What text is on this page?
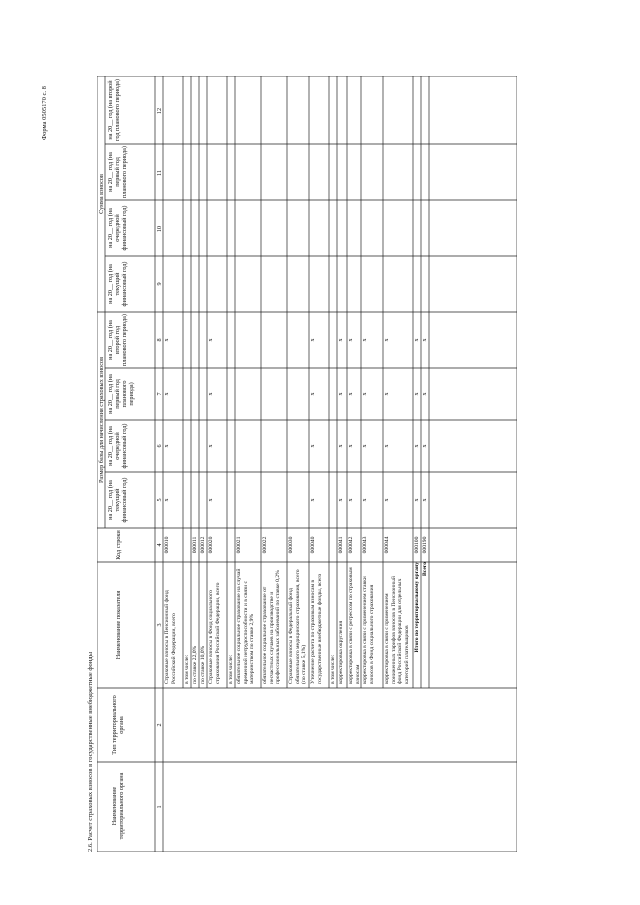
Форма 0505170 с. 8
2.6. Расчет страховых взносов в государственные внебюджетные фонды	Наименование территориального органа
Тип территориального органа
Наименование показателя
Код строки
Размер базы для начисления страховых взносов
Сумма взносов
на 20__ год (на текущий финансовый год)
на 20__ год (на очередной финансовый год)
на 20__ год (на первый год планового периода)
на 20__ год (на второй год планового периода)
на 20__ год (на текущий финансовый год)
на 20__ год (на очередной финансовый год)
на 20__ год (на первый год планового периода)
на 20__ год (на второй год планового периода)
1
2
3
4
5
6
7
8
9
10
11
12
Страховые взносы в Пенсионный фонд Российской Федерации, всего
000010
x
x
x
x
в том числе: по ставке 22,0%
000011
по ставке 10,0%
000012
Страховые взносы в Фонд социального страхования Российской Федерации, всего
000020
x
x
x
x
в том числе: обязательное социальное страхование на случай временной нетрудоспособности и в связи с материнством по ставке 2,9%
000021
обязательное социальное страхование от несчастных случаев на производстве и профессиональных заболеваний по ставке 0,2%
000022
Страховые взносы в Федеральный фонд обязательного медицинского страхования, всего (по ставке 5,1%)
000030
Уточнение расчета по страховым взносам в государственные внебюджетные фонды, всего
000040
x
x
x
x
в том числе: корректировка округления
000041
x
x
x
x
корректировка в связи с регрессом по страховым взносам
000042
x
x
x
x
корректировка в связи с применением ставки взносов в Фонд социального страхования
000043
x
x
x
x
корректировка в связи с применением пониженных тарифов взносов в Пенсионный фонд Российской Федерации для отдельных категорий плательщиков
000044
x
x
x
x
Итого по территориальному органу
000100
x
x
x
x
Всего
000190
x
x
x
x
